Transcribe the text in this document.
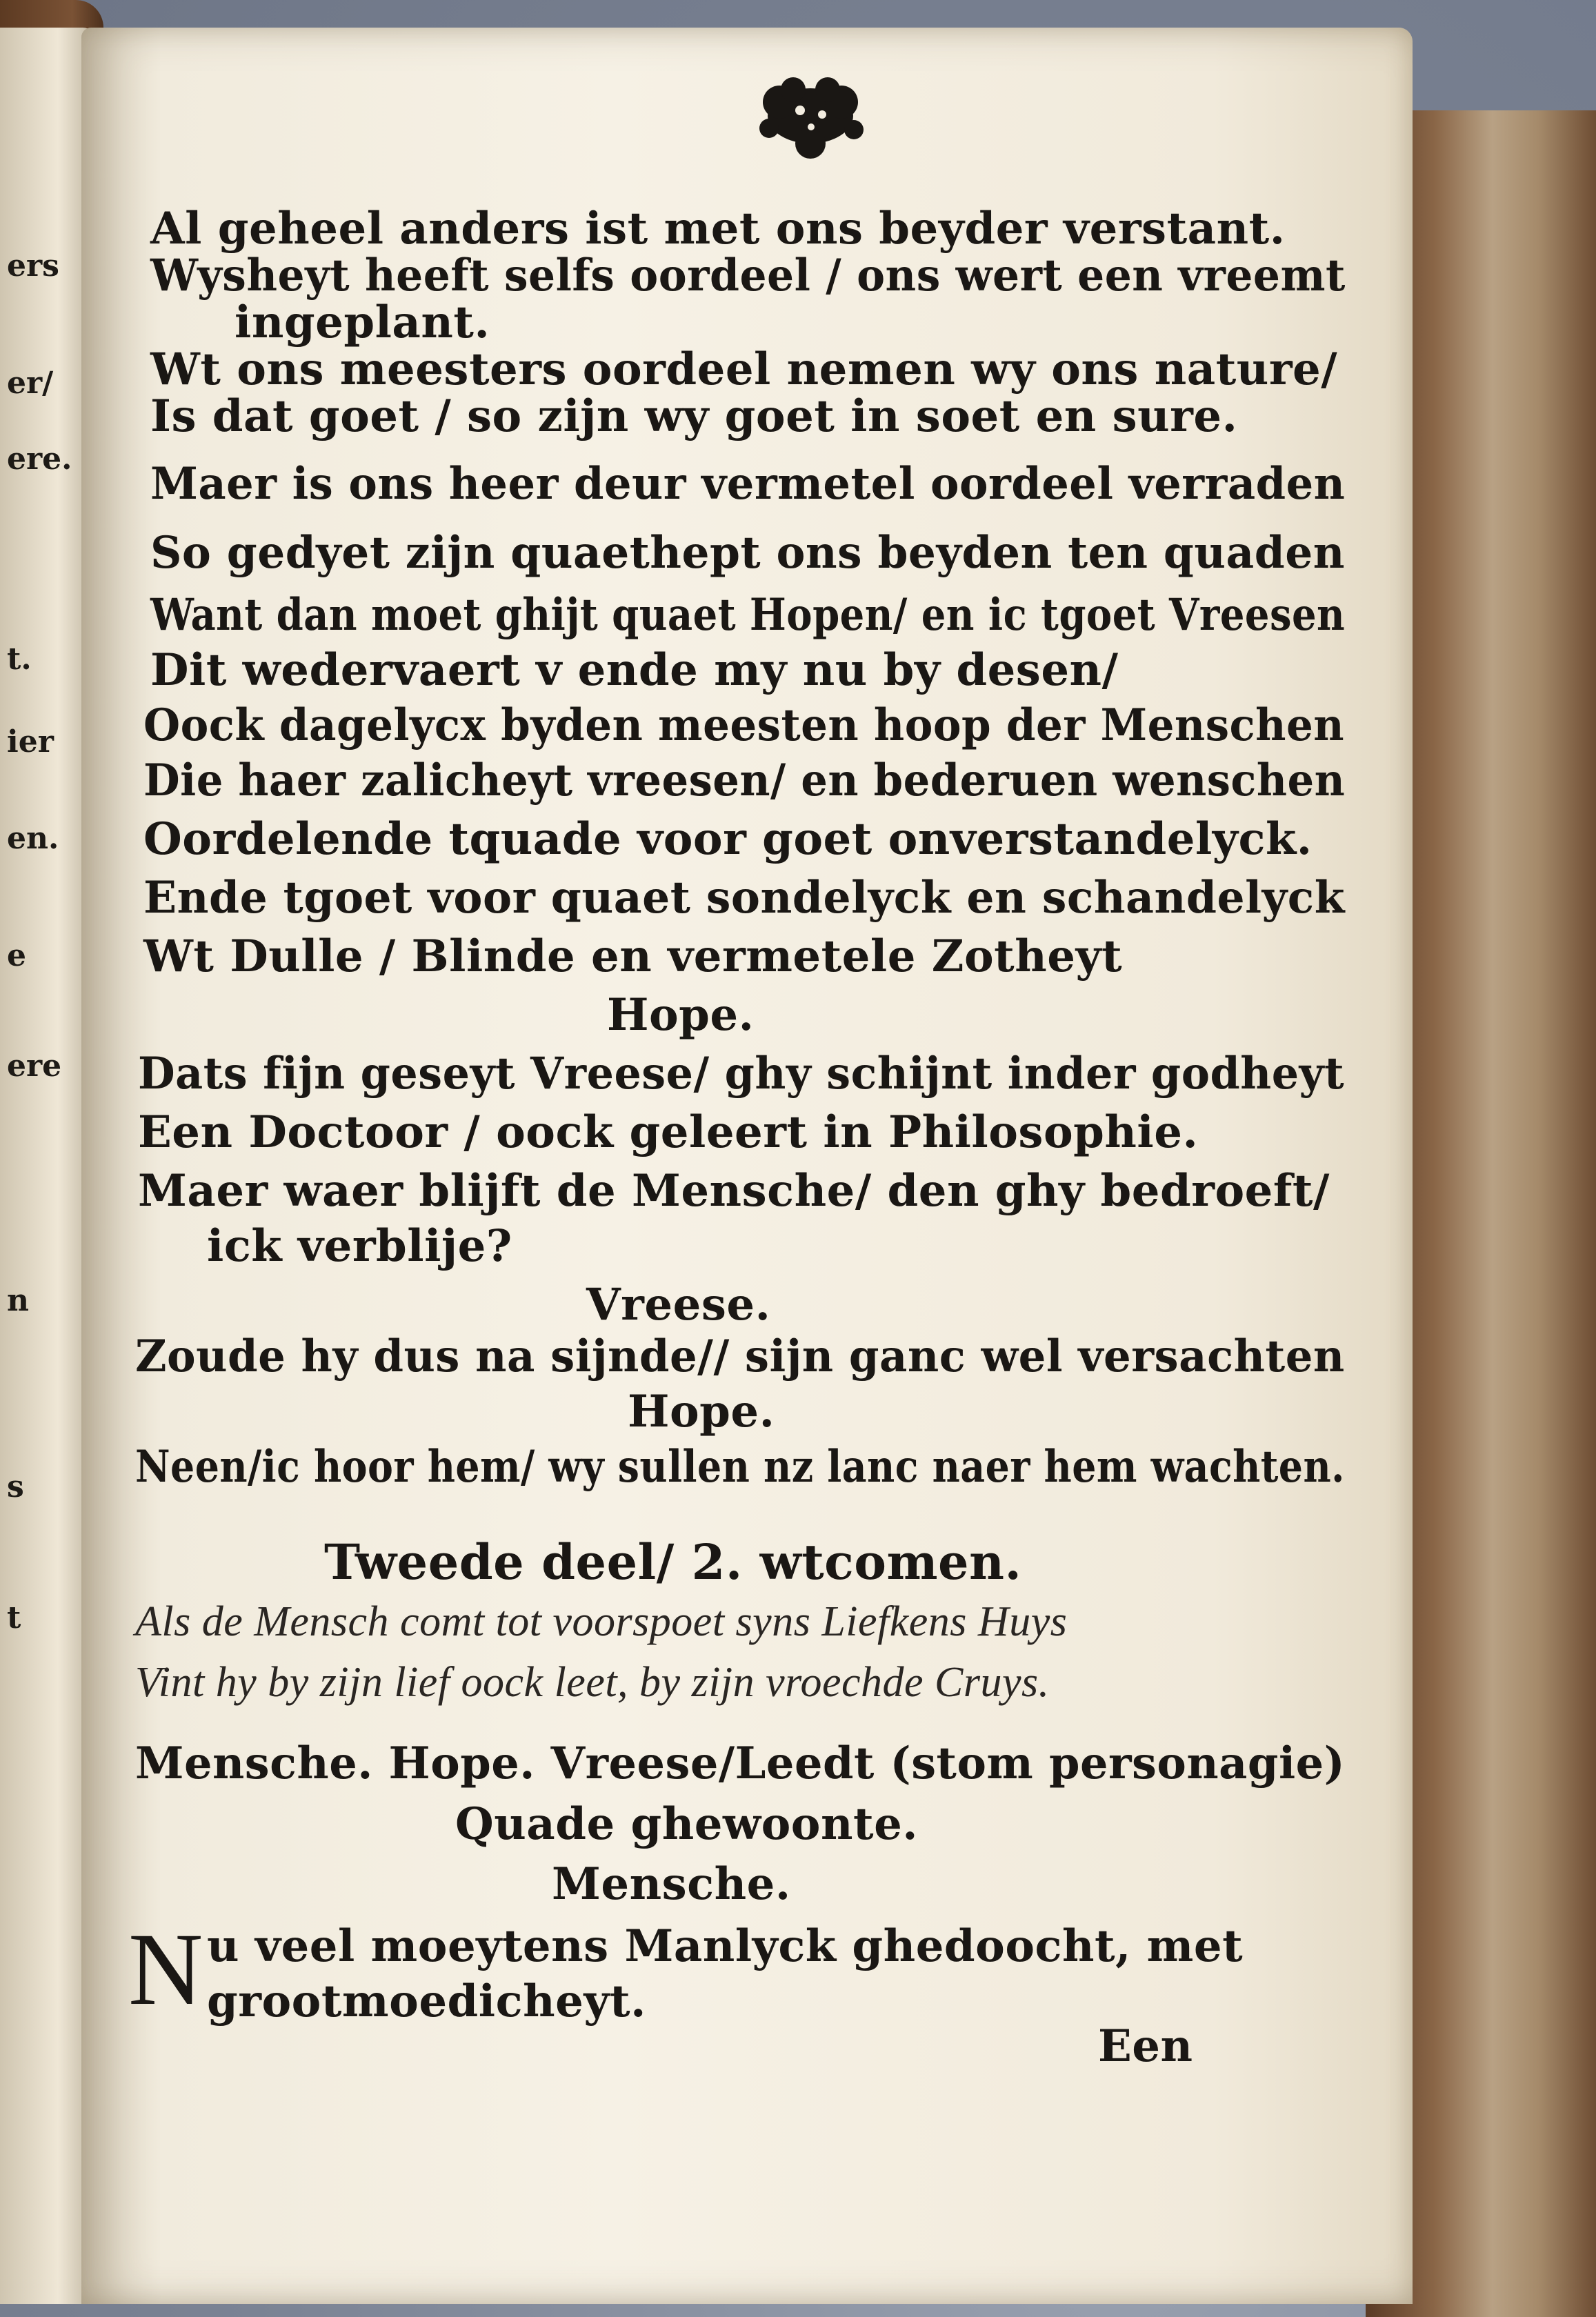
ers
er/
ere.
t.
ier
en.
e
ere
n
s
t
Al geheel anders ist met ons beyder verstant.
Wysheyt heeft selfs oordeel / ons wert een vreemt
ingeplant.
Wt ons meesters oordeel nemen wy ons nature/
Is dat goet / so zijn wy goet in soet en sure.
Maer is ons heer deur vermetel oordeel verraden
So gedyet zijn quaethept ons beyden ten quaden
Want dan moet ghijt quaet Hopen/ en ic tgoet Vreesen
Dit wedervaert v ende my nu by desen/
Oock dagelycx byden meesten hoop der Menschen
Die haer zalicheyt vreesen/ en bederuen wenschen
Oordelende tquade voor goet onverstandelyck.
Ende tgoet voor quaet sondelyck en schandelyck
Wt Dulle / Blinde en vermetele Zotheyt
Hope.
Dats fijn geseyt Vreese/ ghy schijnt inder godheyt
Een Doctoor / oock geleert in Philosophie.
Maer waer blijft de Mensche/ den ghy bedroeft/
ick verblije?
Vreese.
Zoude hy dus na sijnde// sijn ganc wel versachten
Hope.
Neen/ic hoor hem/ wy sullen nz lanc naer hem wachten.
Tweede deel/ 2. wtcomen.
Als de Mensch comt tot voorspoet syns Liefkens Huys
Vint hy by zijn lief oock leet, by zijn vroechde Cruys.
Mensche. Hope. Vreese/Leedt (stom personagie)
Quade ghewoonte.
Mensche.
N u veel moeytens Manlyck ghedoocht, met
grootmoedicheyt.
Een
